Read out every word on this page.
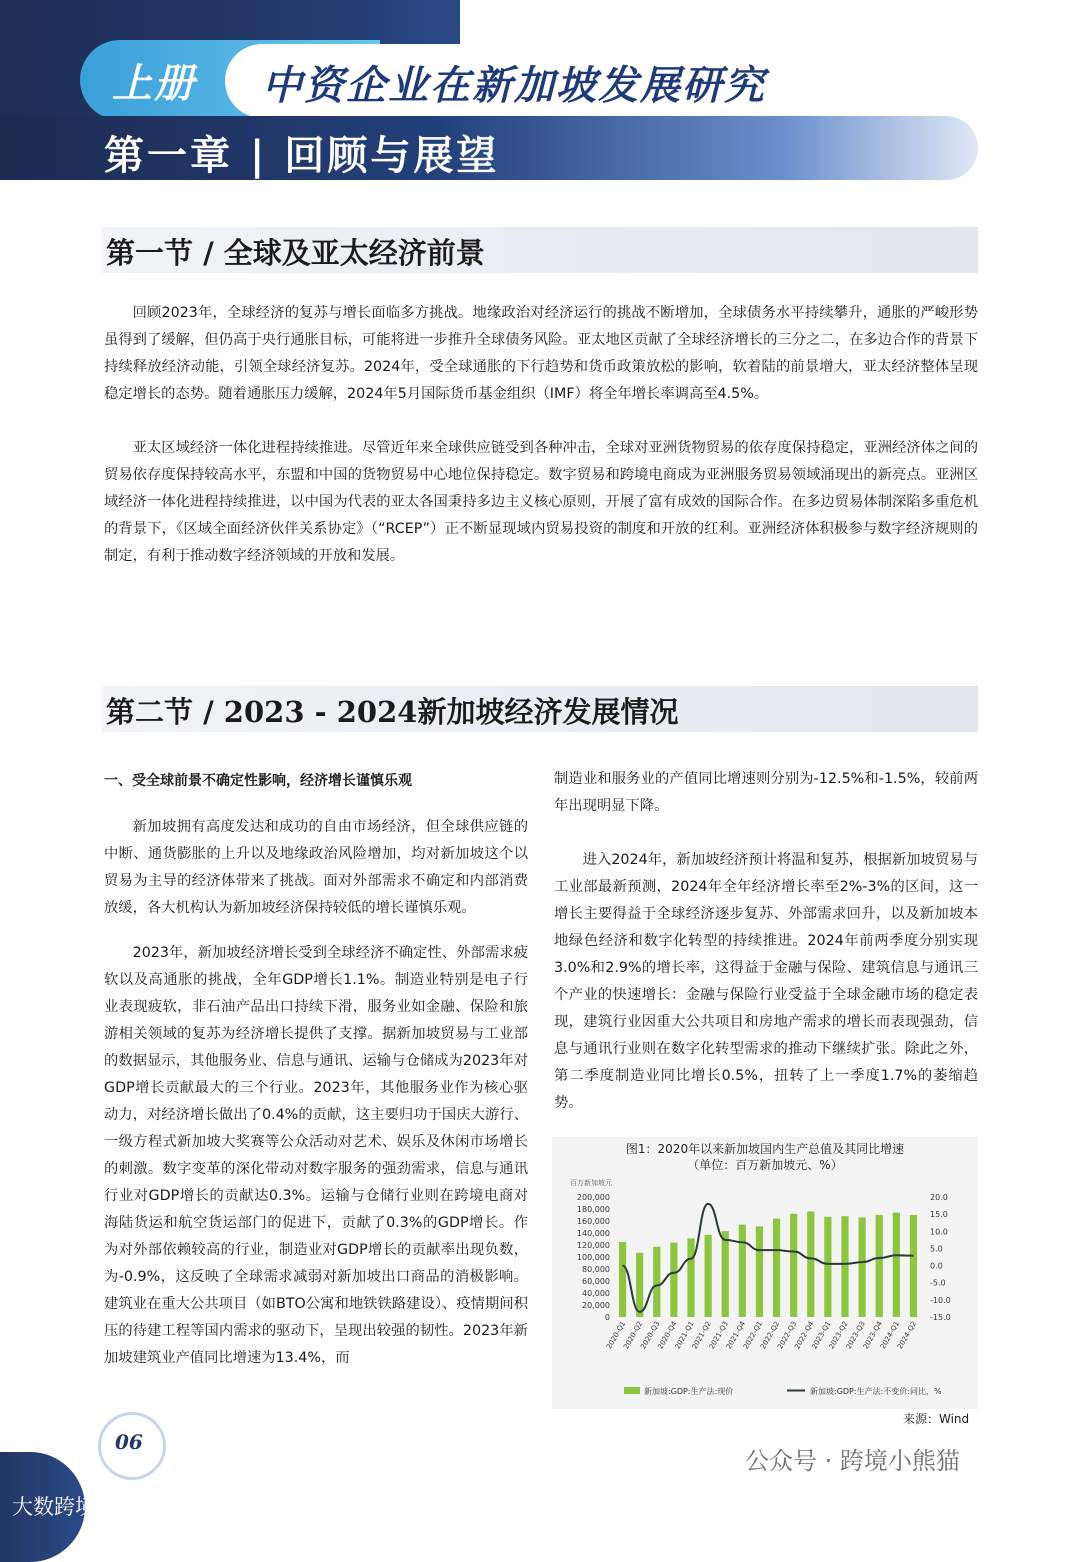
上册 中资企业在新加坡发展研究
第一章 | 回顾与展望
第一节 / 全球及亚太经济前景

回顾2023年，全球经济的复苏与增长面临多方挑战。地缘政治对经济运行的挑战不断增加，全球债务水平持续攀升，通胀的严峻形势虽得到了缓解，但仍高于央行通胀目标，可能将进一步推升全球债务风险。亚太地区贡献了全球经济增长的三分之二，在多边合作的背景下持续释放经济动能，引领全球经济复苏。2024年，受全球通胀的下行趋势和货币政策放松的影响，软着陆的前景增大，亚太经济整体呈现稳定增长的态势。随着通胀压力缓解，2024年5月国际货币基金组织（IMF）将全年增长率调高至4.5%。

亚太区域经济一体化进程持续推进。尽管近年来全球供应链受到各种冲击，全球对亚洲货物贸易的依存度保持稳定，亚洲经济体之间的贸易依存度保持较高水平，东盟和中国的货物贸易中心地位保持稳定。数字贸易和跨境电商成为亚洲服务贸易领域涌现出的新亮点。亚洲区域经济一体化进程持续推进，以中国为代表的亚太各国秉持多边主义核心原则，开展了富有成效的国际合作。在多边贸易体制深陷多重危机的背景下，《区域全面经济伙伴关系协定》（“RCEP”）正不断显现域内贸易投资的制度和开放的红利。亚洲经济体积极参与数字经济规则的制定，有利于推动数字经济领域的开放和发展。

第二节 / 2023 - 2024新加坡经济发展情况
一、受全球前景不确定性影响，经济增长谨慎乐观

新加坡拥有高度发达和成功的自由市场经济，但全球供应链的中断、通货膨胀的上升以及地缘政治风险增加，均对新加坡这个以贸易为主导的经济体带来了挑战。面对外部需求不确定和内部消费放缓，各大机构认为新加坡经济保持较低的增长谨慎乐观。

2023年，新加坡经济增长受到全球经济不确定性、外部需求疲软以及高通胀的挑战，全年GDP增长1.1%。制造业特别是电子行业表现疲软，非石油产品出口持续下滑，服务业如金融、保险和旅游相关领域的复苏为经济增长提供了支撑。据新加坡贸易与工业部的数据显示，其他服务业、信息与通讯、运输与仓储成为2023年对GDP增长贡献最大的三个行业。2023年，其他服务业作为核心驱动力，对经济增长做出了0.4%的贡献，这主要归功于国庆大游行、一级方程式新加坡大奖赛等公众活动对艺术、娱乐及休闲市场增长的刺激。数字变革的深化带动对数字服务的强劲需求，信息与通讯行业对GDP增长的贡献达0.3%。运输与仓储行业则在跨境电商对海陆货运和航空货运部门的促进下，贡献了0.3%的GDP增长。作为对外部依赖较高的行业，制造业对GDP增长的贡献率出现负数，为-0.9%，这反映了全球需求减弱对新加坡出口商品的消极影响。建筑业在重大公共项目（如BTO公寓和地铁铁路建设）、疫情期间积压的待建工程等国内需求的驱动下，呈现出较强的韧性。2023年新加坡建筑业产值同比增速为13.4%，而

制造业和服务业的产值同比增速则分别为-12.5%和-1.5%，较前两年出现明显下降。

进入2024年，新加坡经济预计将温和复苏，根据新加坡贸易与工业部最新预测，2024年全年经济增长率至2%-3%的区间，这一增长主要得益于全球经济逐步复苏、外部需求回升，以及新加坡本地绿色经济和数字化转型的持续推进。2024年前两季度分别实现3.0%和2.9%的增长率，这得益于金融与保险、建筑信息与通讯三个产业的快速增长：金融与保险行业受益于全球金融市场的稳定表现，建筑行业因重大公共项目和房地产需求的增长而表现强劲，信息与通讯行业则在数字化转型需求的推动下继续扩张。除此之外，第二季度制造业同比增长0.5%，扭转了上一季度1.7%的萎缩趋势。

图1：2020年以来新加坡国内生产总值及其同比增速
（单位：百万新加坡元、%）
百万新加坡元
200,000
180,000
160,000
140,000
120,000
100,000
80,000
60,000
40,000
20,000
0
20.0
15.0
10.0
5.0
0.0
-5.0
-10.0
-15.0
2020-Q1
2020-Q2
2020-Q3
2020-Q4
2021-Q1
2021-Q2
2021-Q3
2021-Q4
2022-Q1
2022-Q2
2022-Q3
2022-Q4
2023-Q1
2023-Q2
2023-Q3
2023-Q4
2024-Q1
2024-Q2
新加坡:GDP:生产法:现价	新加坡:GDP:生产法:不变价:同比，%
来源：Wind
06
公众号 · 跨境小熊猫
大数跨境
